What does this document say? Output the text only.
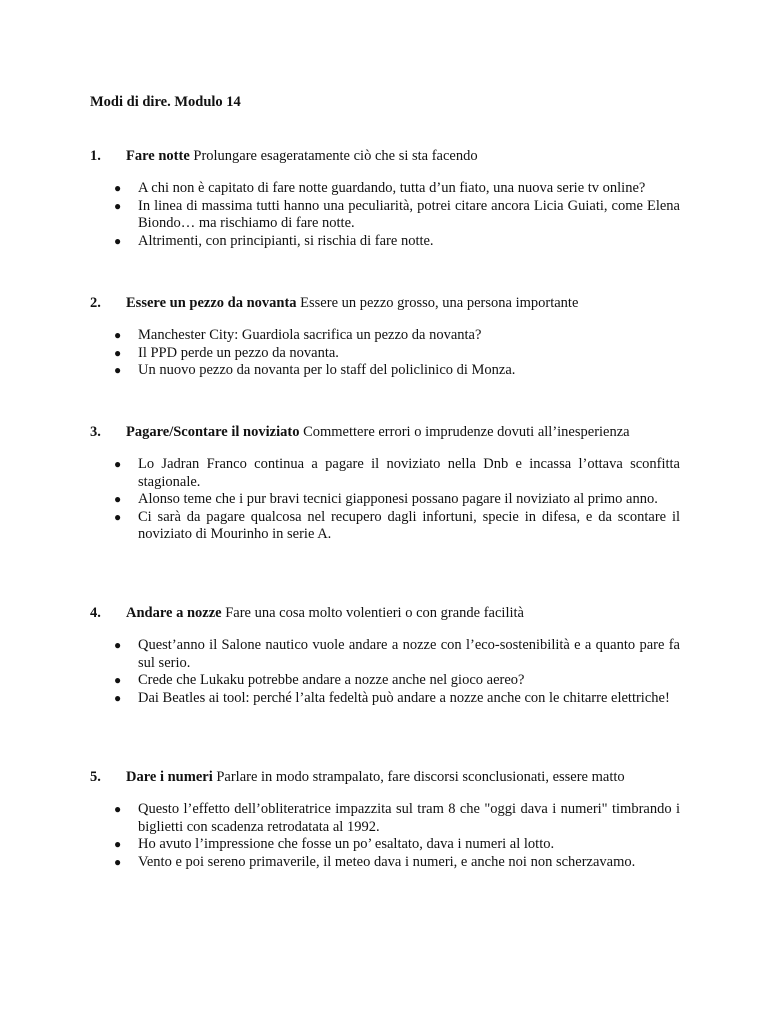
Modi di dire. Modulo 14
1. Fare notte Prolungare esageratamente ciò che si sta facendo
● A chi non è capitato di fare notte guardando, tutta d’un fiato, una nuova serie tv online?
● In linea di massima tutti hanno una peculiarità, potrei citare ancora Licia Guiati, come Elena Biondo… ma rischiamo di fare notte.
● Altrimenti, con principianti, si rischia di fare notte.
2. Essere un pezzo da novanta Essere un pezzo grosso, una persona importante
● Manchester City: Guardiola sacrifica un pezzo da novanta?
● Il PPD perde un pezzo da novanta.
● Un nuovo pezzo da novanta per lo staff del policlinico di Monza.
3. Pagare/Scontare il noviziato Commettere errori o imprudenze dovuti all’inesperienza
● Lo Jadran Franco continua a pagare il noviziato nella Dnb e incassa l’ottava sconfitta stagionale.
● Alonso teme che i pur bravi tecnici giapponesi possano pagare il noviziato al primo anno.
● Ci sarà da pagare qualcosa nel recupero dagli infortuni, specie in difesa, e da scontare il noviziato di Mourinho in serie A.
4. Andare a nozze Fare una cosa molto volentieri o con grande facilità
● Quest’anno il Salone nautico vuole andare a nozze con l’eco-sostenibilità e a quanto pare fa sul serio.
● Crede che Lukaku potrebbe andare a nozze anche nel gioco aereo?
● Dai Beatles ai tool: perché l’alta fedeltà può andare a nozze anche con le chitarre elettriche!
5. Dare i numeri Parlare in modo strampalato, fare discorsi sconclusionati, essere matto
● Questo l’effetto dell’obliteratrice impazzita sul tram 8 che "oggi dava i numeri" timbrando i biglietti con scadenza retrodatata al 1992.
● Ho avuto l’impressione che fosse un po’ esaltato, dava i numeri al lotto.
● Vento e poi sereno primaverile, il meteo dava i numeri, e anche noi non scherzavamo.
